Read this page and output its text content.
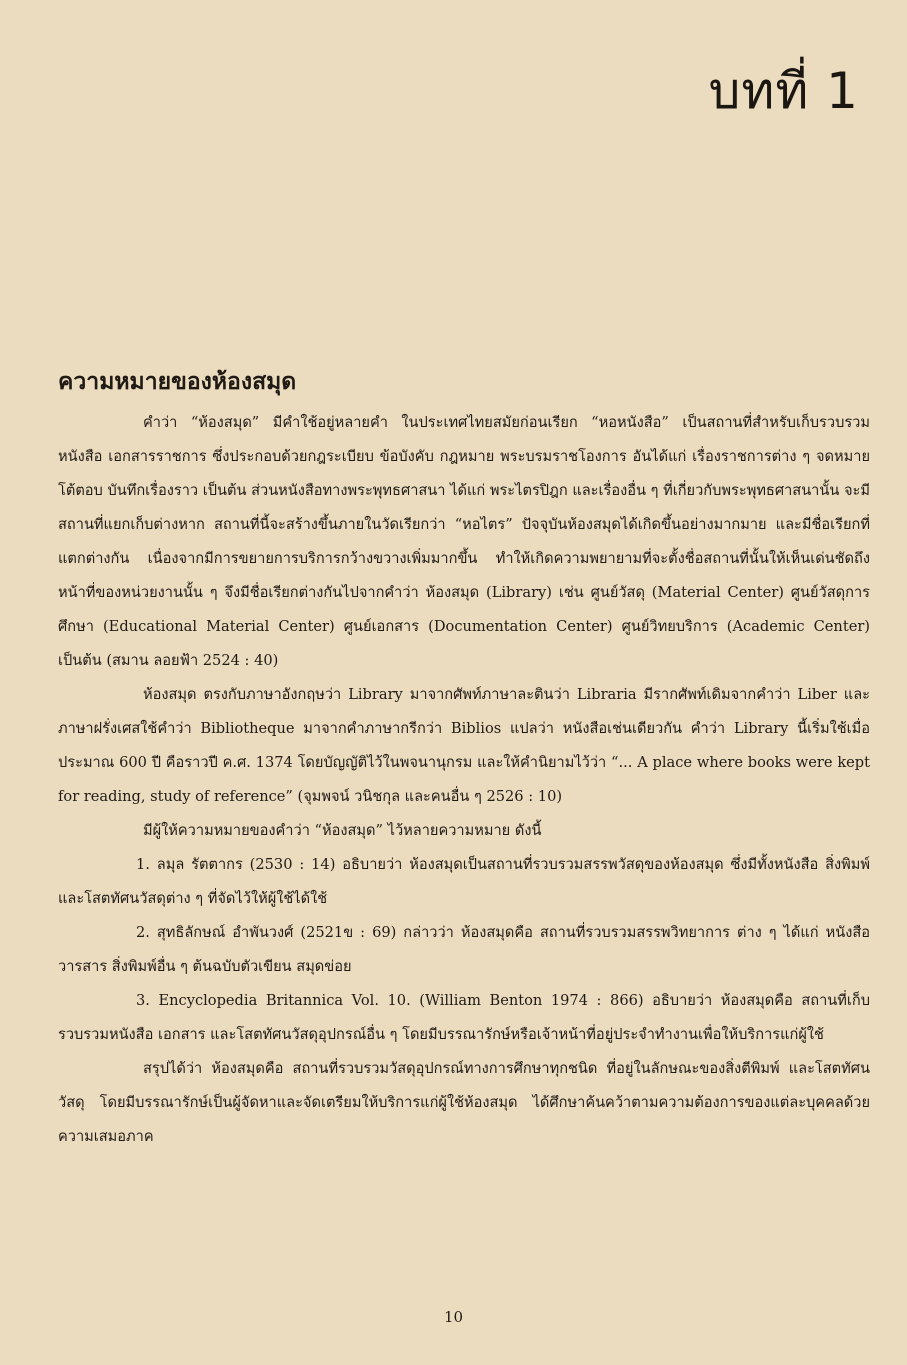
บทที่ 1
ความหมายของห้องสมุด

คำว่า “ห้องสมุด” มีคำใช้อยู่หลายคำ ในประเทศไทยสมัยก่อนเรียก “หอหนังสือ” เป็นสถานที่สำหรับเก็บรวบรวมหนังสือ เอกสารราชการ ซึ่งประกอบด้วยกฎระเบียบ ข้อบังคับ กฎหมาย พระบรมราชโองการ อันได้แก่ เรื่องราชการต่าง ๆ จดหมายโต้ตอบ บันทึกเรื่องราว เป็นต้น ส่วนหนังสือทางพระพุทธศาสนา ได้แก่ พระไตรปิฎก และเรื่องอื่น ๆ ที่เกี่ยวกับพระพุทธศาสนานั้น จะมีสถานที่แยกเก็บต่างหาก สถานที่นี้จะสร้างขึ้นภายในวัดเรียกว่า “หอไตร” ปัจจุบันห้องสมุดได้เกิดขึ้นอย่างมากมาย และมีชื่อเรียกที่แตกต่างกัน เนื่องจากมีการขยายการบริการกว้างขวางเพิ่มมากขึ้น ทำให้เกิดความพยายามที่จะตั้งชื่อสถานที่นั้นให้เห็นเด่นชัดถึงหน้าที่ของหน่วยงานนั้น ๆ จึงมีชื่อเรียกต่างกันไปจากคำว่า ห้องสมุด (Library) เช่น ศูนย์วัสดุ (Material Center) ศูนย์วัสดุการศึกษา (Educational Material Center) ศูนย์เอกสาร (Documentation Center) ศูนย์วิทยบริการ (Academic Center) เป็นต้น (สมาน ลอยฟ้า 2524 : 40)

ห้องสมุด ตรงกับภาษาอังกฤษว่า Library มาจากศัพท์ภาษาละตินว่า Libraria มีรากศัพท์เดิมจากคำว่า Liber และภาษาฝรั่งเศสใช้คำว่า Bibliotheque มาจากคำภาษากรีกว่า Biblios แปลว่า หนังสือเช่นเดียวกัน คำว่า Library นี้เริ่มใช้เมื่อประมาณ 600 ปี คือราวปี ค.ศ. 1374 โดยบัญญัติไว้ในพจนานุกรม และให้คำนิยามไว้ว่า “... A place where books were kept for reading, study of reference” (จุมพจน์ วนิชกุล และคนอื่น ๆ 2526 : 10)

มีผู้ให้ความหมายของคำว่า “ห้องสมุด” ไว้หลายความหมาย ดังนี้

1. ลมุล รัตตากร (2530 : 14) อธิบายว่า ห้องสมุดเป็นสถานที่รวบรวมสรรพวัสดุของห้องสมุด ซึ่งมีทั้งหนังสือ สิ่งพิมพ์ และโสตทัศนวัสดุต่าง ๆ ที่จัดไว้ให้ผู้ใช้ได้ใช้

2. สุทธิลักษณ์ อำพันวงศ์ (2521ข : 69) กล่าวว่า ห้องสมุดคือ สถานที่รวบรวมสรรพวิทยาการ ต่าง ๆ ได้แก่ หนังสือ วารสาร สิ่งพิมพ์อื่น ๆ ต้นฉบับตัวเขียน สมุดข่อย

3. Encyclopedia Britannica Vol. 10. (William Benton 1974 : 866) อธิบายว่า ห้องสมุดคือ สถานที่เก็บรวบรวมหนังสือ เอกสาร และโสตทัศนวัสดุอุปกรณ์อื่น ๆ โดยมีบรรณารักษ์หรือเจ้าหน้าที่อยู่ประจำทำงานเพื่อให้บริการแก่ผู้ใช้

สรุปได้ว่า ห้องสมุดคือ สถานที่รวบรวมวัสดุอุปกรณ์ทางการศึกษาทุกชนิด ที่อยู่ในลักษณะของสิ่งตีพิมพ์ และโสตทัศนวัสดุ โดยมีบรรณารักษ์เป็นผู้จัดหาและจัดเตรียมให้บริการแก่ผู้ใช้ห้องสมุด ได้ศึกษาค้นคว้าตามความต้องการของแต่ละบุคคลด้วยความเสมอภาค

10
